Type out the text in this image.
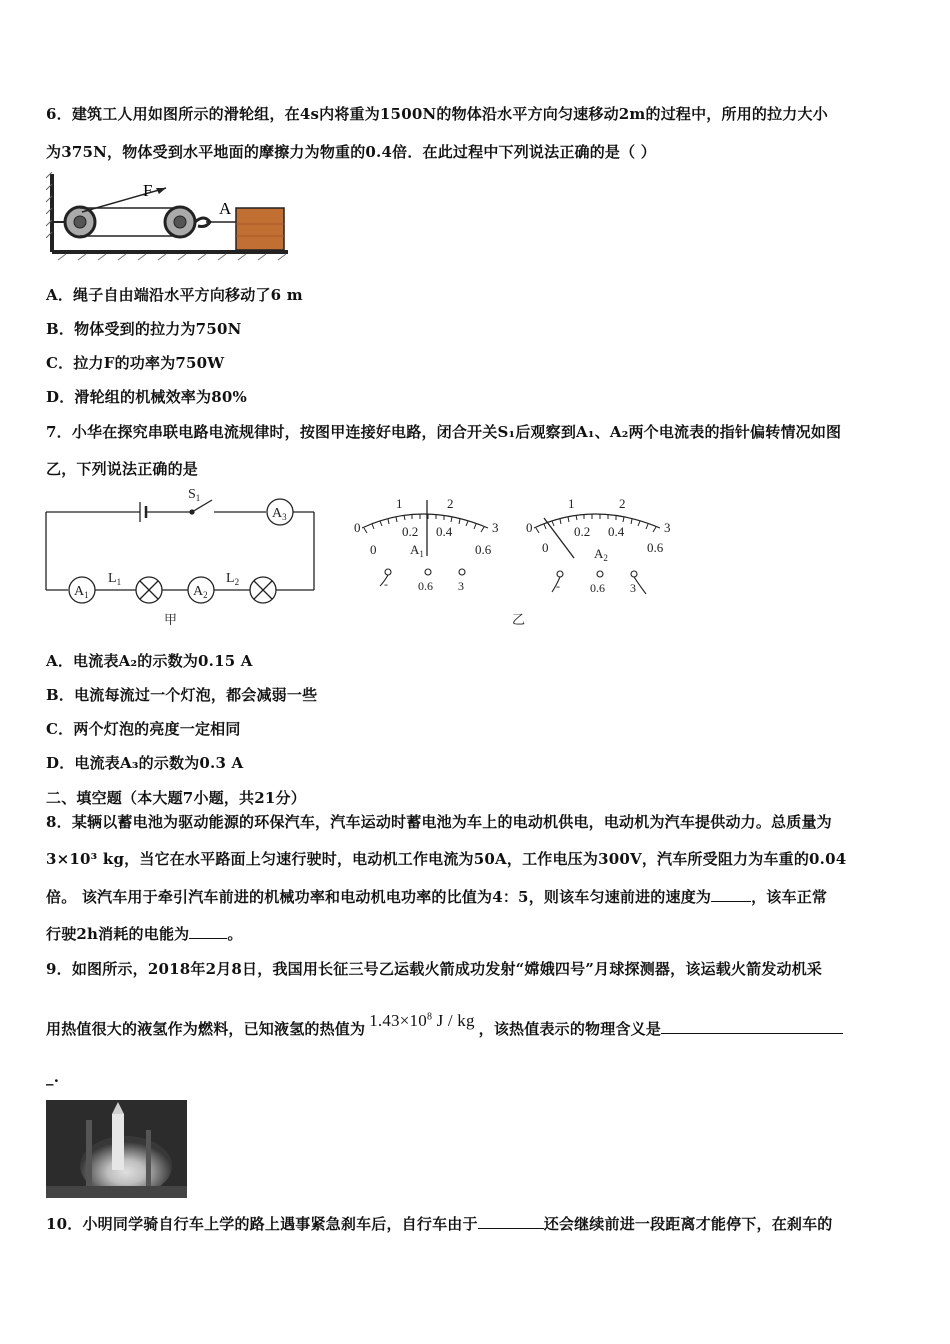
6．建筑工人用如图所示的滑轮组，在4s内将重为1500N的物体沿水平方向匀速移动2m的过程中，所用的拉力大小
为375N，物体受到水平地面的摩擦力为物重的0.4倍．在此过程中下列说法正确的是（ ）
F
A
A．绳子自由端沿水平方向移动了6 m
B．物体受到的拉力为750N
C．拉力F的功率为750W
D．滑轮组的机械效率为80%
7．小华在探究串联电路电流规律时，按图甲连接好电路，闭合开关S₁后观察到A₁、A₂两个电流表的指针偏转情况如图
乙，下列说法正确的是
$S_1$
$A_3$
$A_1$	$A_2$
$L_1$	$L_2$
甲
0
1	2
3
0.2 0.4
0	0.6
$A_1$
-	0.6 3
0
1	2
3
0.2 0.4
0	0.6
$A_2$
-	0.6 3
乙
A．电流表A₂的示数为0.15 A
B．电流每流过一个灯泡，都会减弱一些
C．两个灯泡的亮度一定相同
D．电流表A₃的示数为0.3 A
二、填空题（本大题7小题，共21分）
8．某辆以蓄电池为驱动能源的环保汽车，汽车运动时蓄电池为车上的电动机供电，电动机为汽车提供动力。总质量为
3×10³ kg，当它在水平路面上匀速行驶时，电动机工作电流为50A，工作电压为300V，汽车所受阻力为车重的0.04
倍。 该汽车用于牵引汽车前进的机械功率和电动机电功率的比值为4：5，则该车匀速前进的速度为	，该车正常
行驶2h消耗的电能为	。
9．如图所示，2018年2月8日，我国用长征三号乙运载火箭成功发射“嫦娥四号”月球探测器，该运载火箭发动机采
用热值很大的液氢作为燃料，已知液氢的热值为 $1.43\times 10^8$ J / kg ，该热值表示的物理含义是
_.
10．小明同学骑自行车上学的路上遇事紧急刹车后，自行车由于	还会继续前进一段距离才能停下，在刹车的
